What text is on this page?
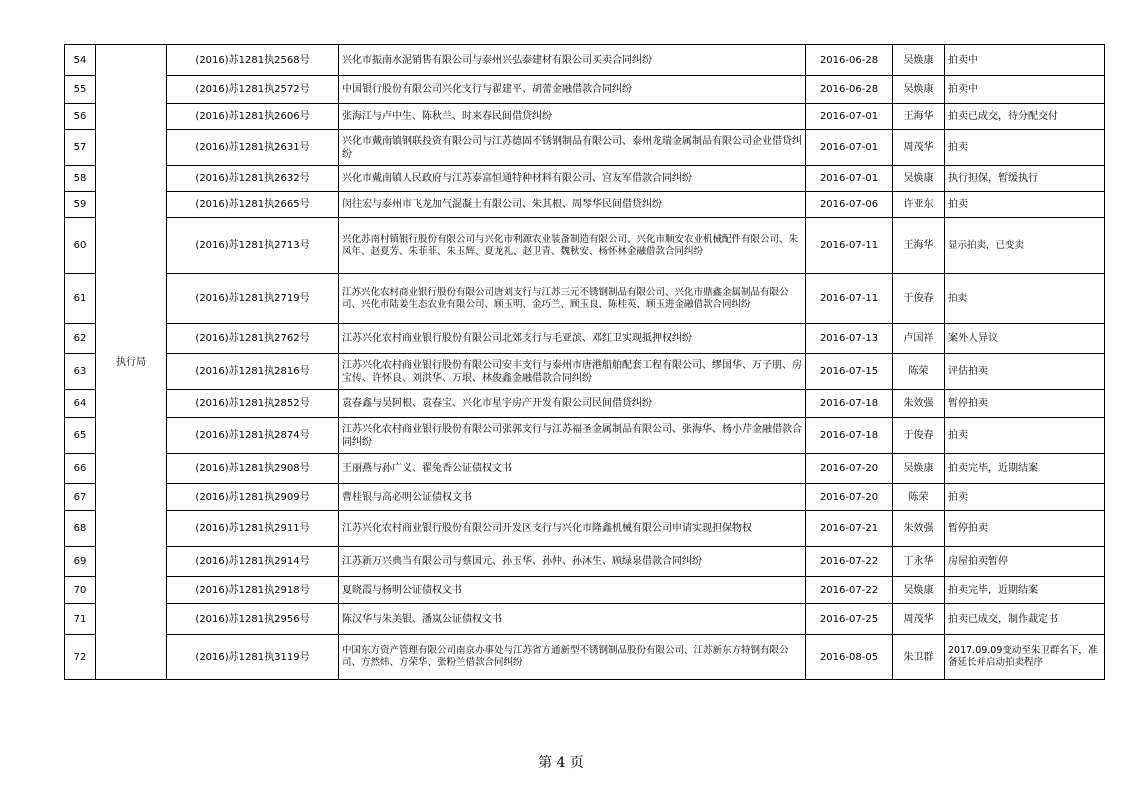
54	执行局	(2016)苏1281执2568号	兴化市振南水泥销售有限公司与泰州兴弘泰建材有限公司买卖合同纠纷	2016-06-28	吴焕康	拍卖中
55		(2016)苏1281执2572号	中国银行股份有限公司兴化支行与翟建平、胡蕾金融借款合同纠纷	2016-06-28	吴焕康	拍卖中
56		(2016)苏1281执2606号	张海江与卢中生、陈秋兰、时来春民间借贷纠纷	2016-07-01	王海华	拍卖已成交，待分配交付
57		(2016)苏1281执2631号	兴化市戴南镇钢联投资有限公司与江苏德固不锈钢制品有限公司、泰州龙瑞金属制品有限公司企业借贷纠纷	2016-07-01	周茂华	拍卖
58		(2016)苏1281执2632号	兴化市戴南镇人民政府与江苏泰富恒通特种材料有限公司、宫友军借款合同纠纷	2016-07-01	吴焕康	执行担保，暂缓执行
59		(2016)苏1281执2665号	闵往宏与泰州市飞龙加气混凝土有限公司、朱其根、周琴华民间借贷纠纷	2016-07-06	许亚东	拍卖
60		(2016)苏1281执2713号	兴化苏南村镇银行股份有限公司与兴化市利源农业装备制造有限公司、兴化市顺安农业机械配件有限公司、朱凤年、赵夏芳、朱菲菲、朱玉辉、夏龙礼、赵卫青、魏秋安、杨怀林金融借款合同纠纷	2016-07-11	王海华	显示拍卖，已变卖
61		(2016)苏1281执2719号	江苏兴化农村商业银行股份有限公司唐刘支行与江苏三元不锈钢制品有限公司、兴化市鼎鑫金属制品有限公司、兴化市陆姜生态农业有限公司、顾玉明、金巧兰、顾玉良、陈桂英、顾玉进金融借款合同纠纷	2016-07-11	于俊春	拍卖
62		(2016)苏1281执2762号	江苏兴化农村商业银行股份有限公司北郊支行与毛亚滨、邓红卫实现抵押权纠纷	2016-07-13	卢国祥	案外人异议
63		(2016)苏1281执2816号	江苏兴化农村商业银行股份有限公司安丰支行与泰州市唐港船舶配套工程有限公司、缪国华、万子朋、房宝传、许怀良、刘洪华、万垠、林俊鑫金融借款合同纠纷	2016-07-15	陈荣	评估拍卖
64		(2016)苏1281执2852号	袁春鑫与吴阿根、袁春宝、兴化市星宇房产开发有限公司民间借贷纠纷	2016-07-18	朱效强	暂停拍卖
65		(2016)苏1281执2874号	江苏兴化农村商业银行股份有限公司张郭支行与江苏福圣金属制品有限公司、张海华、杨小芹金融借款合同纠纷	2016-07-18	于俊春	拍卖
66		(2016)苏1281执2908号	王丽燕与孙广义、翟兔香公证债权文书	2016-07-20	吴焕康	拍卖完毕，近期结案
67		(2016)苏1281执2909号	曹桂银与高必明公证债权文书	2016-07-20	陈荣	拍卖
68		(2016)苏1281执2911号	江苏兴化农村商业银行股份有限公司开发区支行与兴化市隆鑫机械有限公司申请实现担保物权	2016-07-21	朱效强	暂停拍卖
69		(2016)苏1281执2914号	江苏新万兴典当有限公司与蔡国元、孙玉华、孙仲、孙沐生、顾绿泉借款合同纠纷	2016-07-22	丁永华	房屋拍卖暂停
70		(2016)苏1281执2918号	夏晓霞与杨明公证债权文书	2016-07-22	吴焕康	拍卖完毕，近期结案
71		(2016)苏1281执2956号	陈汉华与朱美银、潘岚公证债权文书	2016-07-25	周茂华	拍卖已成交，制作裁定书
72		(2016)苏1281执3119号	中国东方资产管理有限公司南京办事处与江苏省方通新型不锈钢制品股份有限公司、江苏新东方特钢有限公司、方然炜、方荣华、张粉兰借款合同纠纷	2016-08-05	朱卫群	2017.09.09变动至朱卫群名下，准备延长并启动拍卖程序
第 4 页
